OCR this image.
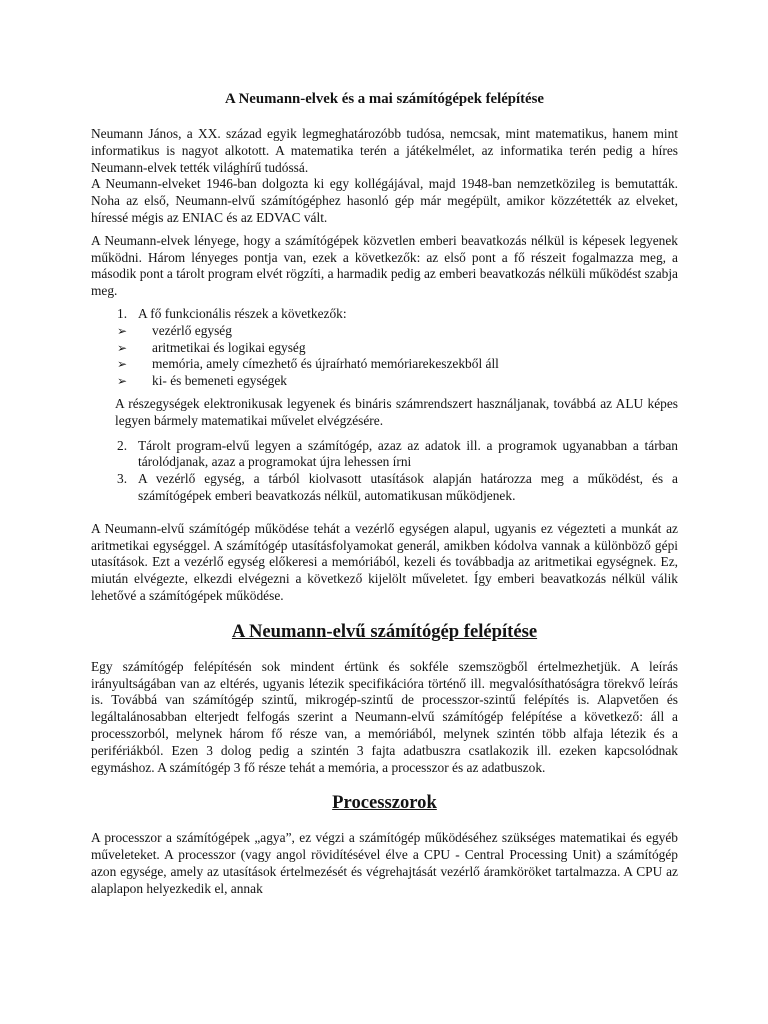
A Neumann-elvek és a mai számítógépek felépítése

Neumann János, a XX. század egyik legmeghatározóbb tudósa, nemcsak, mint matematikus, hanem mint informatikus is nagyot alkotott. A matematika terén a játékelmélet, az informatika terén pedig a híres Neumann-elvek tették világhírű tudóssá.

A Neumann-elveket 1946-ban dolgozta ki egy kollégájával, majd 1948-ban nemzetközileg is bemutatták. Noha az első, Neumann-elvű számítógéphez hasonló gép már megépült, amikor közzétették az elveket, híressé mégis az ENIAC és az EDVAC vált.

A Neumann-elvek lényege, hogy a számítógépek közvetlen emberi beavatkozás nélkül is képesek legyenek működni. Három lényeges pontja van, ezek a következők: az első pont a fő részeit fogalmazza meg, a második pont a tárolt program elvét rögzíti, a harmadik pedig az emberi beavatkozás nélküli működést szabja meg.

1. A fő funkcionális részek a következők:
➢ vezérlő egység
➢ aritmetikai és logikai egység
➢ memória, amely címezhető és újraírható memóriarekeszekből áll
➢ ki- és bemeneti egységek

A részegységek elektronikusak legyenek és bináris számrendszert használjanak, továbbá az ALU képes legyen bármely matematikai művelet elvégzésére.

2. Tárolt program-elvű legyen a számítógép, azaz az adatok ill. a programok ugyanabban a tárban tárolódjanak, azaz a programokat újra lehessen írni
3. A vezérlő egység, a tárból kiolvasott utasítások alapján határozza meg a működést, és a számítógépek emberi beavatkozás nélkül, automatikusan működjenek.

A Neumann-elvű számítógép működése tehát a vezérlő egységen alapul, ugyanis ez végezteti a munkát az aritmetikai egységgel. A számítógép utasításfolyamokat generál, amikben kódolva vannak a különböző gépi utasítások. Ezt a vezérlő egység előkeresi a memóriából, kezeli és továbbadja az aritmetikai egységnek. Ez, miután elvégezte, elkezdi elvégezni a következő kijelölt műveletet. Így emberi beavatkozás nélkül válik lehetővé a számítógépek működése.

A Neumann-elvű számítógép felépítése

Egy számítógép felépítésén sok mindent értünk és sokféle szemszögből értelmezhetjük. A leírás irányultságában van az eltérés, ugyanis létezik specifikációra történő ill. megvalósíthatóságra törekvő leírás is. Továbbá van számítógép szintű, mikrogép-szintű de processzor-szintű felépítés is. Alapvetően és legáltalánosabban elterjedt felfogás szerint a Neumann-elvű számítógép felépítése a következő: áll a processzorból, melynek három fő része van, a memóriából, melynek szintén több alfaja létezik és a perifériákból. Ezen 3 dolog pedig a szintén 3 fajta adatbuszra csatlakozik ill. ezeken kapcsolódnak egymáshoz. A számítógép 3 fő része tehát a memória, a processzor és az adatbuszok.

Processzorok

A processzor a számítógépek „agya”, ez végzi a számítógép működéséhez szükséges matematikai és egyéb műveleteket. A processzor (vagy angol rövidítésével élve a CPU - Central Processing Unit) a számítógép azon egysége, amely az utasítások értelmezését és végrehajtását vezérlő áramköröket tartalmazza. A CPU az alaplapon helyezkedik el, annak
